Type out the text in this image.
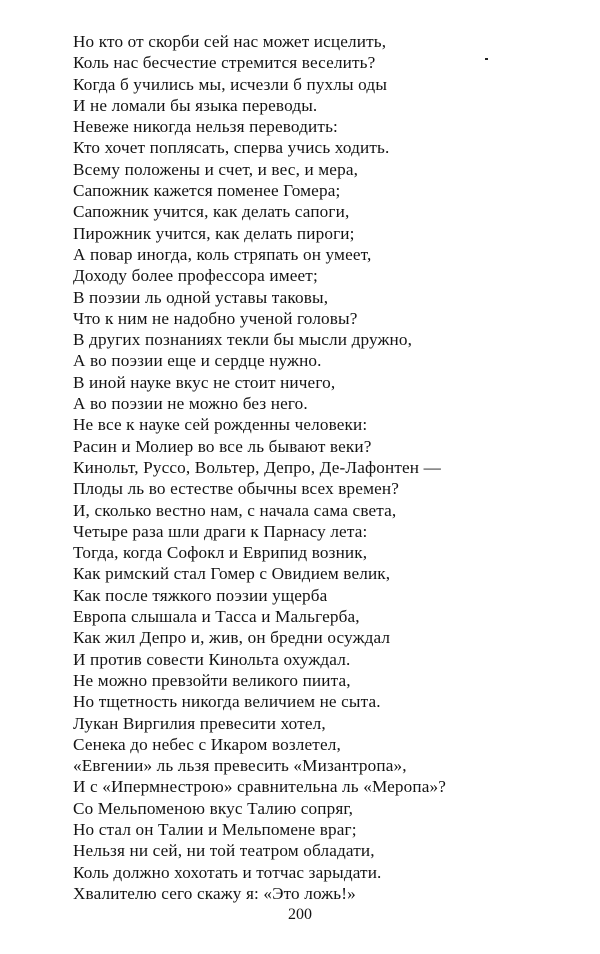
Но кто от скорби сей нас может исцелить,
Коль нас бесчестие стремится веселить?
Когда б учились мы, исчезли б пухлы оды
И не ломали бы языка переводы.
Невеже никогда нельзя переводить:
Кто хочет поплясать, сперва учись ходить.
Всему положены и счет, и вес, и мера,
Сапожник кажется поменее Гомера;
Сапожник учится, как делать сапоги,
Пирожник учится, как делать пироги;
А повар иногда, коль стряпать он умеет,
Доходу более профессора имеет;
В поэзии ль одной уставы таковы,
Что к ним не надобно ученой головы?
В других познаниях текли бы мысли дружно,
А во поэзии еще и сердце нужно.
В иной науке вкус не стоит ничего,
А во поэзии не можно без него.
Не все к науке сей рожденны человеки:
Расин и Молиер во все ль бывают веки?
Кинольт, Руссо, Вольтер, Депро, Де-Лафонтен —
Плоды ль во естестве обычны всех времен?
И, сколько вестно нам, с начала сама света,
Четыре раза шли драги к Парнасу лета:
Тогда, когда Софокл и Еврипид возник,
Как римский стал Гомер с Овидием велик,
Как после тяжкого поэзии ущерба
Европа слышала и Тасса и Мальгерба,
Как жил Депро и, жив, он бредни осуждал
И против совести Кинольта охуждал.
Не можно превзойти великого пиита,
Но тщетность никогда величием не сыта.
Лукан Виргилия превесити хотел,
Сенека до небес с Икаром возлетел,
«Евгении» ль льзя превесить «Мизантропа»,
И с «Ипермнестрою» сравнительна ль «Меропа»?
Со Мельпоменою вкус Талию сопряг,
Но стал он Талии и Мельпомене враг;
Нельзя ни сей, ни той театром обладати,
Коль должно хохотать и тотчас зарыдати.
Хвалителю сего скажу я: «Это ложь!»
200
